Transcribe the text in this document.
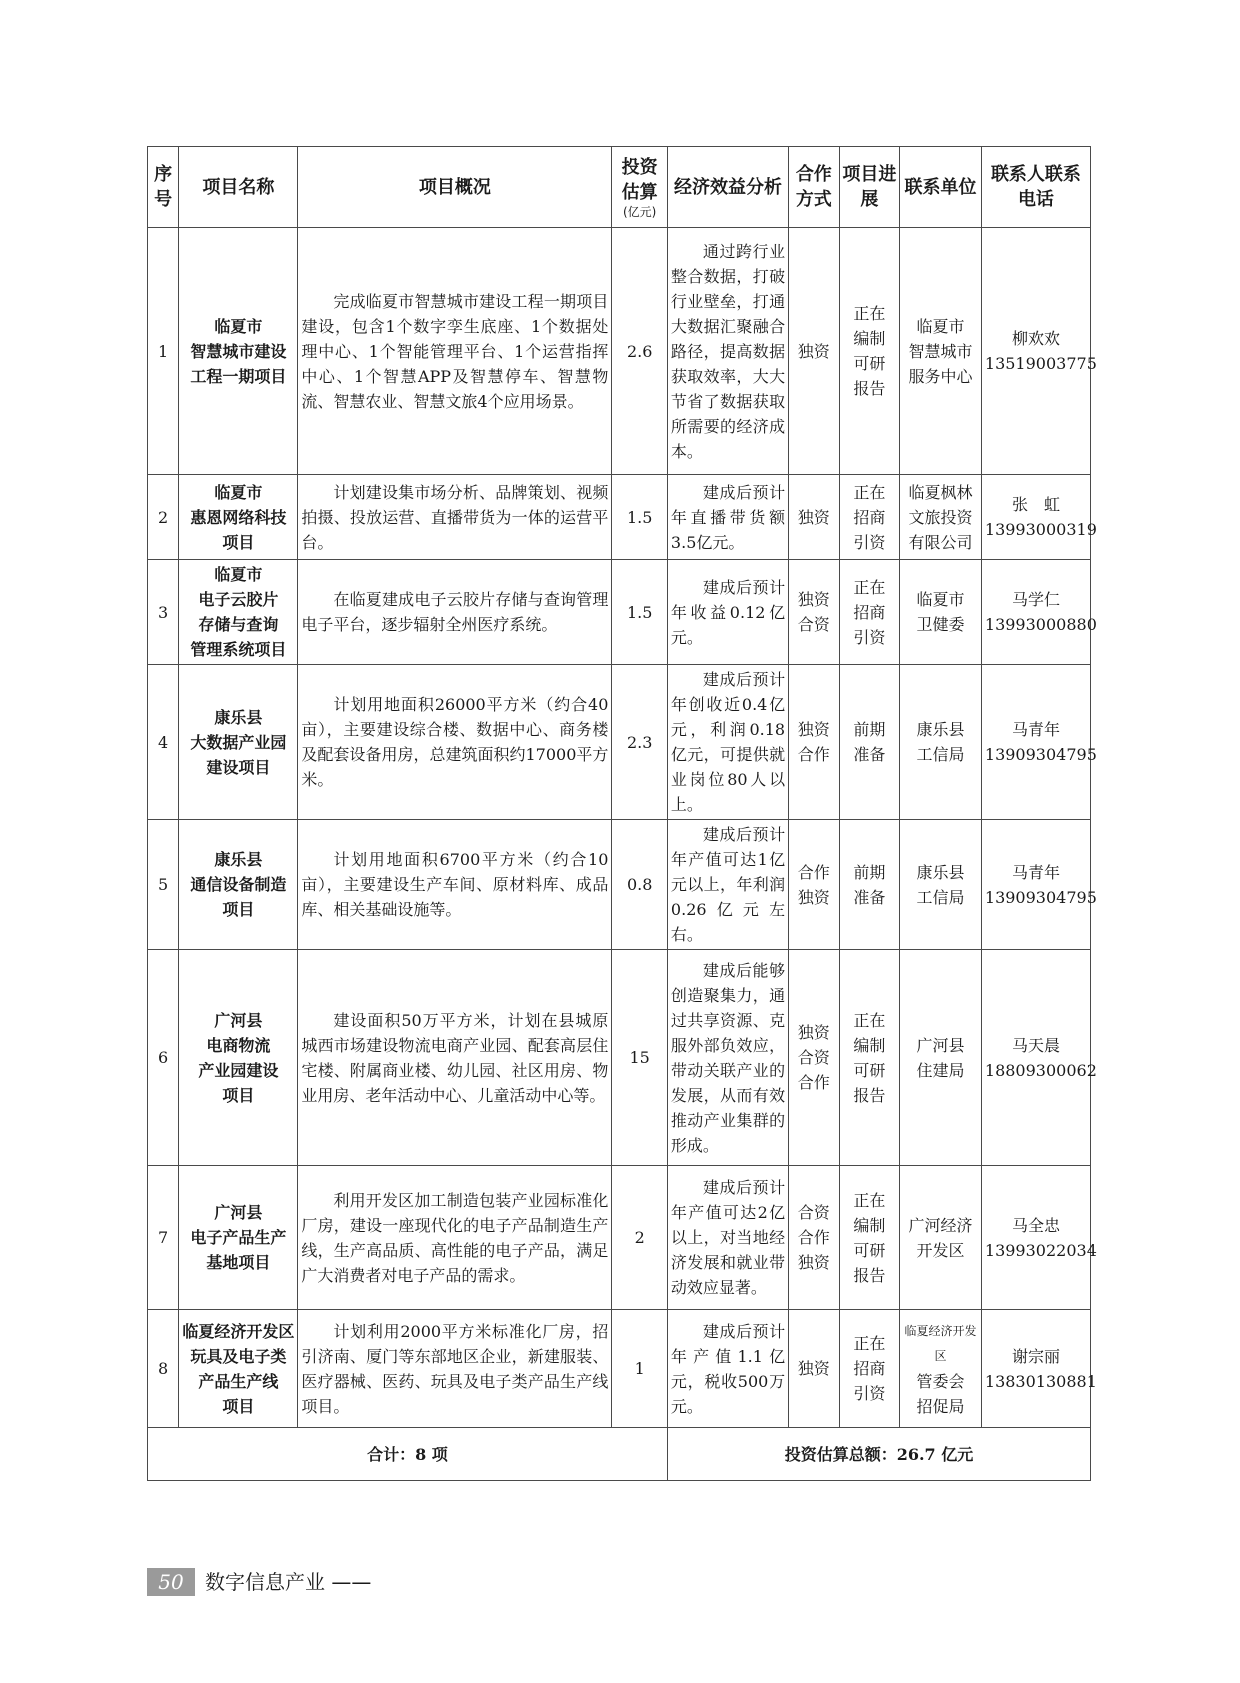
序号	项目名称	项目概况	投资估算
(亿元)	经济效益分析	合作方式	项目进展	联系单位	联系人联系电话
1	临夏市
智慧城市建设
工程一期项目	完成临夏市智慧城市建设工程一期项目建设，包含1个数字孪生底座、1个数据处理中心、1个智能管理平台、1个运营指挥中心、1个智慧APP及智慧停车、智慧物流、智慧农业、智慧文旅4个应用场景。	2.6	通过跨行业整合数据，打破行业壁垒，打通大数据汇聚融合路径，提高数据获取效率，大大节省了数据获取所需要的经济成本。	独资	正在
编制
可研
报告	临夏市
智慧城市
服务中心	柳欢欢
13519003775

2	临夏市
惠恩网络科技
项目	计划建设集市场分析、品牌策划、视频拍摄、投放运营、直播带货为一体的运营平台。	1.5	建成后预计年直播带货额3.5亿元。	独资	正在
招商
引资	临夏枫林
文旅投资
有限公司	张　虹
13993000319

3	临夏市
电子云胶片
存储与查询
管理系统项目	在临夏建成电子云胶片存储与查询管理电子平台，逐步辐射全州医疗系统。	1.5	建成后预计年收益0.12亿元。	独资
合资	正在
招商
引资	临夏市
卫健委	马学仁
13993000880

4	康乐县
大数据产业园
建设项目	计划用地面积26000平方米（约合40亩），主要建设综合楼、数据中心、商务楼及配套设备用房，总建筑面积约17000平方米。	2.3	建成后预计年创收近0.4亿元，利润0.18亿元，可提供就业岗位80人以上。	独资
合作	前期
准备	康乐县
工信局	马青年
13909304795

5	康乐县
通信设备制造
项目	计划用地面积6700平方米（约合10亩），主要建设生产车间、原材料库、成品库、相关基础设施等。	0.8	建成后预计年产值可达1亿元以上，年利润0.26亿元左右。	合作
独资	前期
准备	康乐县
工信局	马青年
13909304795

6	广河县
电商物流
产业园建设
项目	建设面积50万平方米，计划在县城原城西市场建设物流电商产业园、配套高层住宅楼、附属商业楼、幼儿园、社区用房、物业用房、老年活动中心、儿童活动中心等。	15	建成后能够创造聚集力，通过共享资源、克服外部负效应，带动关联产业的发展，从而有效推动产业集群的形成。	独资
合资
合作	正在
编制
可研
报告	广河县
住建局	马天晨
18809300062

7	广河县
电子产品生产
基地项目	利用开发区加工制造包装产业园标准化厂房，建设一座现代化的电子产品制造生产线，生产高品质、高性能的电子产品，满足广大消费者对电子产品的需求。	2	建成后预计年产值可达2亿以上，对当地经济发展和就业带动效应显著。	合资
合作
独资	正在
编制
可研
报告	广河经济
开发区	马全忠
13993022034

8	临夏经济开发区
玩具及电子类
产品生产线
项目	计划利用2000平方米标准化厂房，招引济南、厦门等东部地区企业，新建服装、医疗器械、医药、玩具及电子类产品生产线项目。	1	建成后预计年产值1.1亿元，税收500万元。	独资	正在
招商
引资	临夏经济开发区
管委会
招促局	谢宗丽
13830130881

合计：8 项				投资估算总额：26.7 亿元				
50	数字信息产业 ——
